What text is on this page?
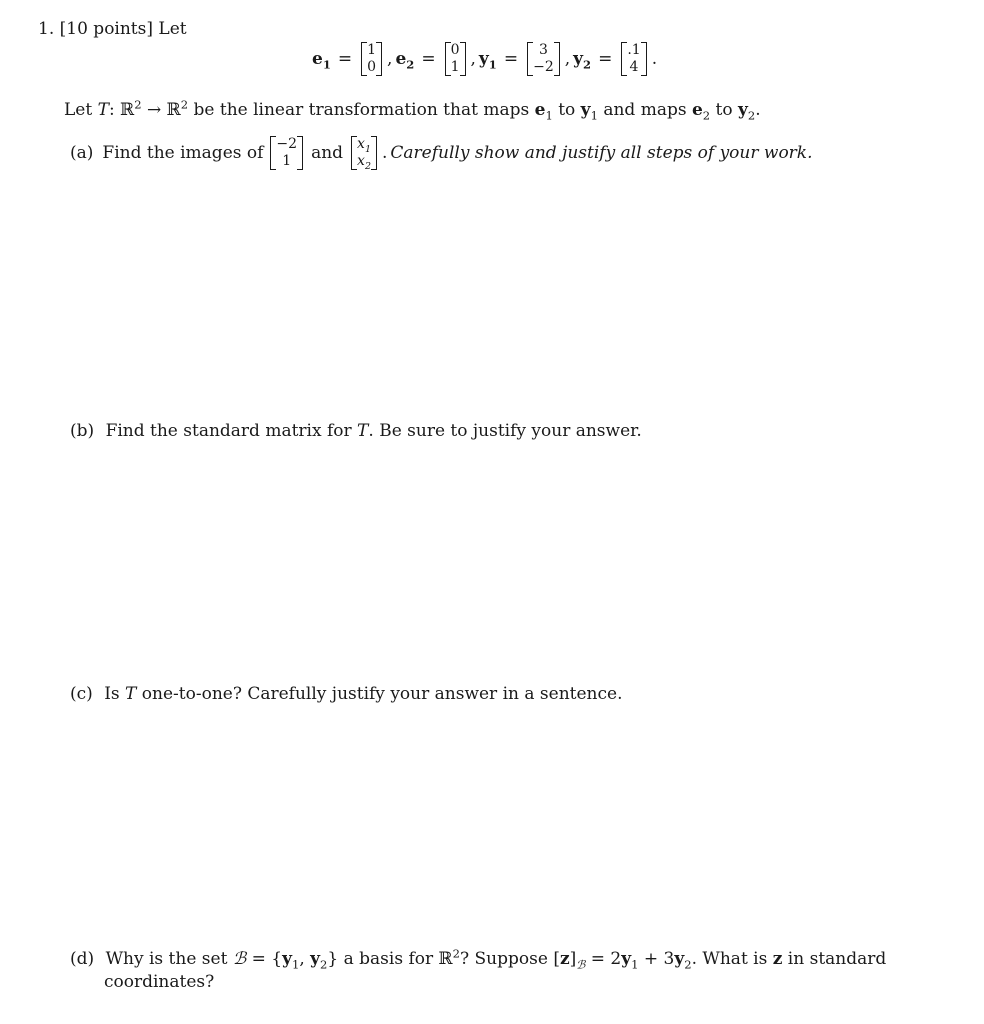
1. [10 points] Let
$e_1 = 1$
0 , $e_2 = 0$
1 , $y_1$ =	3
−2 , $y_2 = .1$
4 .
Let T: ℝ$^2$ → ℝ$^2$ be the linear transformation that maps $e_1$ to $y_1$ and maps $e_2$ to $y_2$.
(a) Find the images of −2
1	and $x_1$
$x_2$
. Carefully show and justify all steps of your work.
(b) Find the standard matrix for T. Be sure to justify your answer.
(c) Is T one-to-one? Carefully justify your answer in a sentence.
(d) Why is the set ℬ = {$y_1$, $y_2$} a basis for ℝ$^2$? Suppose $[z]_ℬ = 2y_1 + 3y_2$. What is z in standard
coordinates?
